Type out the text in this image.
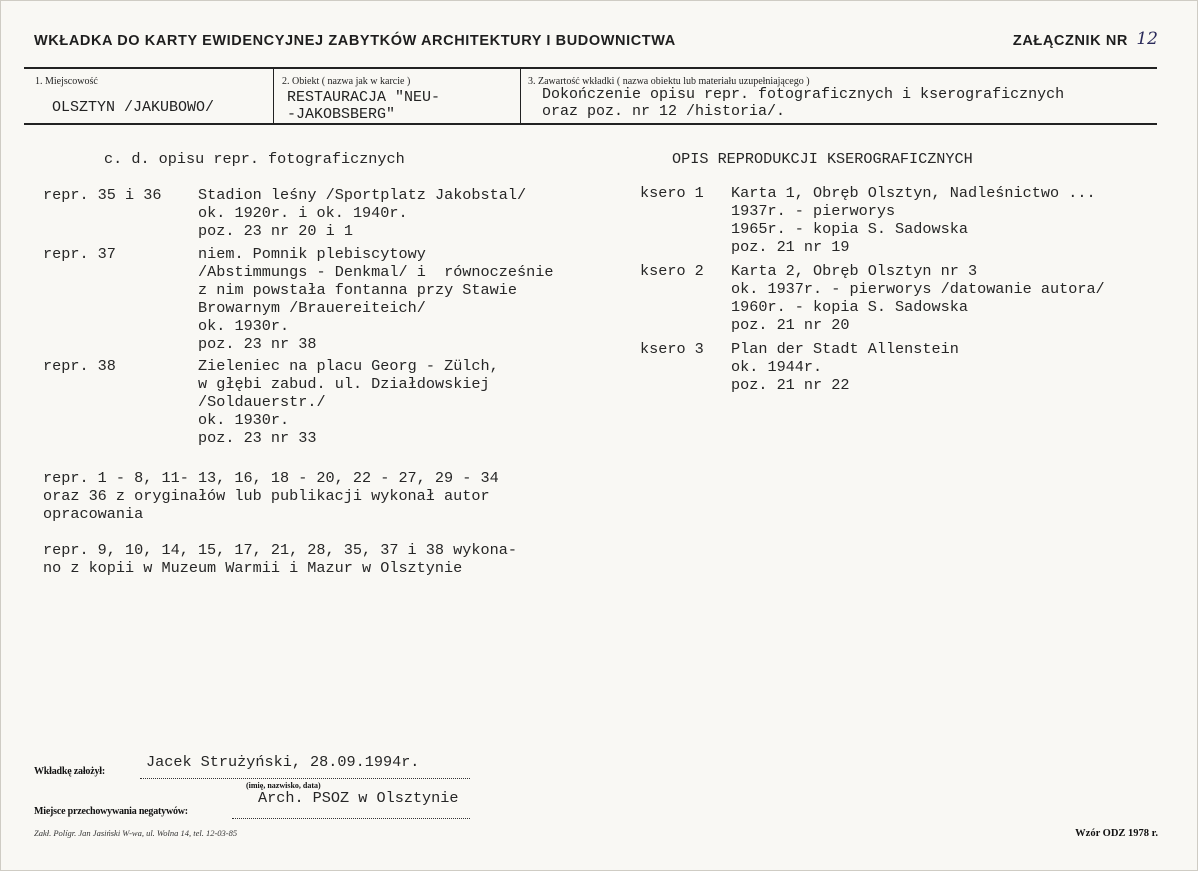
WKŁADKA DO KARTY EWIDENCYJNEJ ZABYTKÓW ARCHITEKTURY I BUDOWNICTWA	ZAŁĄCZNIK NR 12
1. Miejscowość
OLSZTYN /JAKUBOWO/
2. Obiekt ( nazwa jak w karcie )
RESTAURACJA "NEU-
-JAKOBSBERG"
3. Zawartość wkładki ( nazwa obiektu lub materiału uzupełniającego )
Dokończenie opisu repr. fotograficznych i kserograficznych
oraz poz. nr 12 /historia/.
c. d. opisu repr. fotograficznych
repr. 35 i 36 Stadion leśny /Sportplatz Jakobstal/
ok. 1920r. i ok. 1940r.
poz. 23 nr 20 i 1
repr. 37	niem. Pomnik plebiscytowy
/Abstimmungs - Denkmal/ i  równocześnie
z nim powstała fontanna przy Stawie
Browarnym /Brauereiteich/
ok. 1930r.
poz. 23 nr 38
repr. 38	Zieleniec na placu Georg - Zülch,
w głębi zabud. ul. Działdowskiej
/Soldauerstr./
ok. 1930r.
poz. 23 nr 33
repr. 1 - 8, 11- 13, 16, 18 - 20, 22 - 27, 29 - 34
oraz 36 z oryginałów lub publikacji wykonał autor
opracowania
repr. 9, 10, 14, 15, 17, 21, 28, 35, 37 i 38 wykona-
no z kopii w Muzeum Warmii i Mazur w Olsztynie
OPIS REPRODUKCJI KSEROGRAFICZNYCH
ksero 1 Karta 1, Obręb Olsztyn, Nadleśnictwo ...
1937r. - pierworys
1965r. - kopia S. Sadowska
poz. 21 nr 19
ksero 2 Karta 2, Obręb Olsztyn nr 3
ok. 1937r. - pierworys /datowanie autora/
1960r. - kopia S. Sadowska
poz. 21 nr 20
ksero 3 Plan der Stadt Allenstein
ok. 1944r.
poz. 21 nr 22
Wkładkę założył:
Jacek Strużyński, 28.09.1994r.
(imię, nazwisko, data)
Miejsce przechowywania negatywów:
Arch. PSOZ w Olsztynie
Zakł. Polígr. Jan Jasiński W-wa, ul. Wolna 14, tel. 12-03-85	Wzór ODZ 1978 r.
